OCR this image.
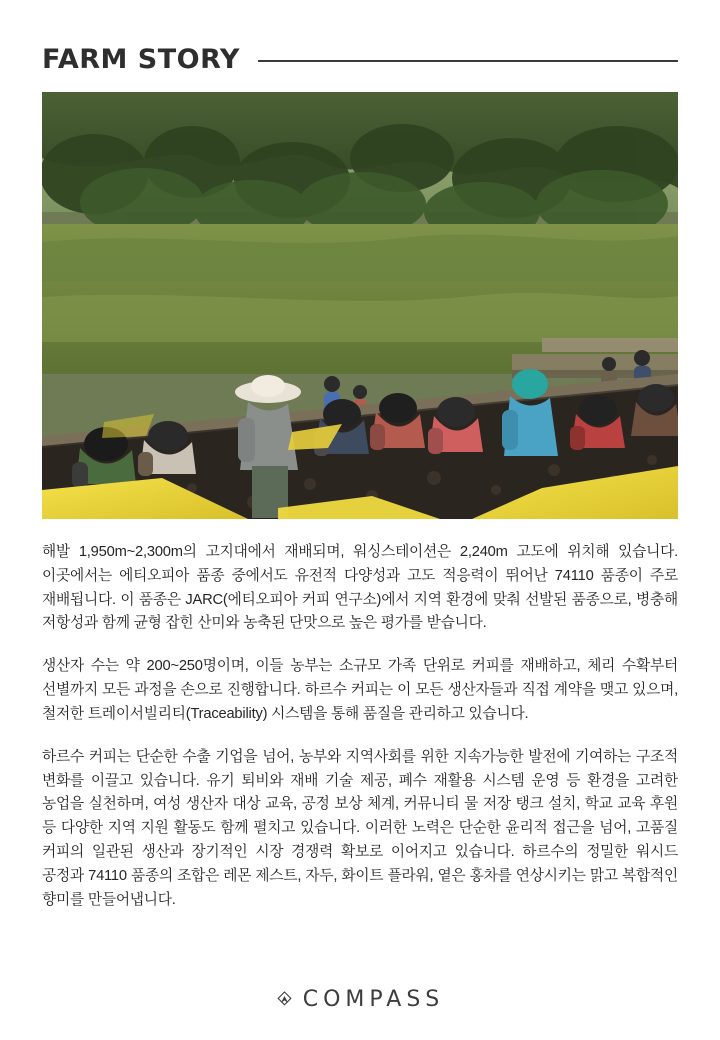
FARM STORY

해발 1,950m~2,300m의 고지대에서 재배되며, 워싱스테이션은 2,240m 고도에 위치해 있습니다. 이곳에서는 에티오피아 품종 중에서도 유전적 다양성과 고도 적응력이 뛰어난 74110 품종이 주로 재배됩니다. 이 품종은 JARC(에티오피아 커피 연구소)에서 지역 환경에 맞춰 선발된 품종으로, 병충해 저항성과 함께 균형 잡힌 산미와 농축된 단맛으로 높은 평가를 받습니다.

생산자 수는 약 200~250명이며, 이들 농부는 소규모 가족 단위로 커피를 재배하고, 체리 수확부터 선별까지 모든 과정을 손으로 진행합니다. 하르수 커피는 이 모든 생산자들과 직접 계약을 맺고 있으며, 철저한 트레이서빌리티(Traceability) 시스템을 통해 품질을 관리하고 있습니다.

하르수 커피는 단순한 수출 기업을 넘어, 농부와 지역사회를 위한 지속가능한 발전에 기여하는 구조적 변화를 이끌고 있습니다. 유기 퇴비와 재배 기술 제공, 폐수 재활용 시스템 운영 등 환경을 고려한 농업을 실천하며, 여성 생산자 대상 교육, 공정 보상 체계, 커뮤니티 물 저장 탱크 설치, 학교 교육 후원 등 다양한 지역 지원 활동도 함께 펼치고 있습니다. 이러한 노력은 단순한 윤리적 접근을 넘어, 고품질 커피의 일관된 생산과 장기적인 시장 경쟁력 확보로 이어지고 있습니다. 하르수의 정밀한 워시드 공정과 74110 품종의 조합은 레몬 제스트, 자두, 화이트 플라워, 옅은 홍차를 연상시키는 맑고 복합적인 향미를 만들어냅니다.

COMPASS
